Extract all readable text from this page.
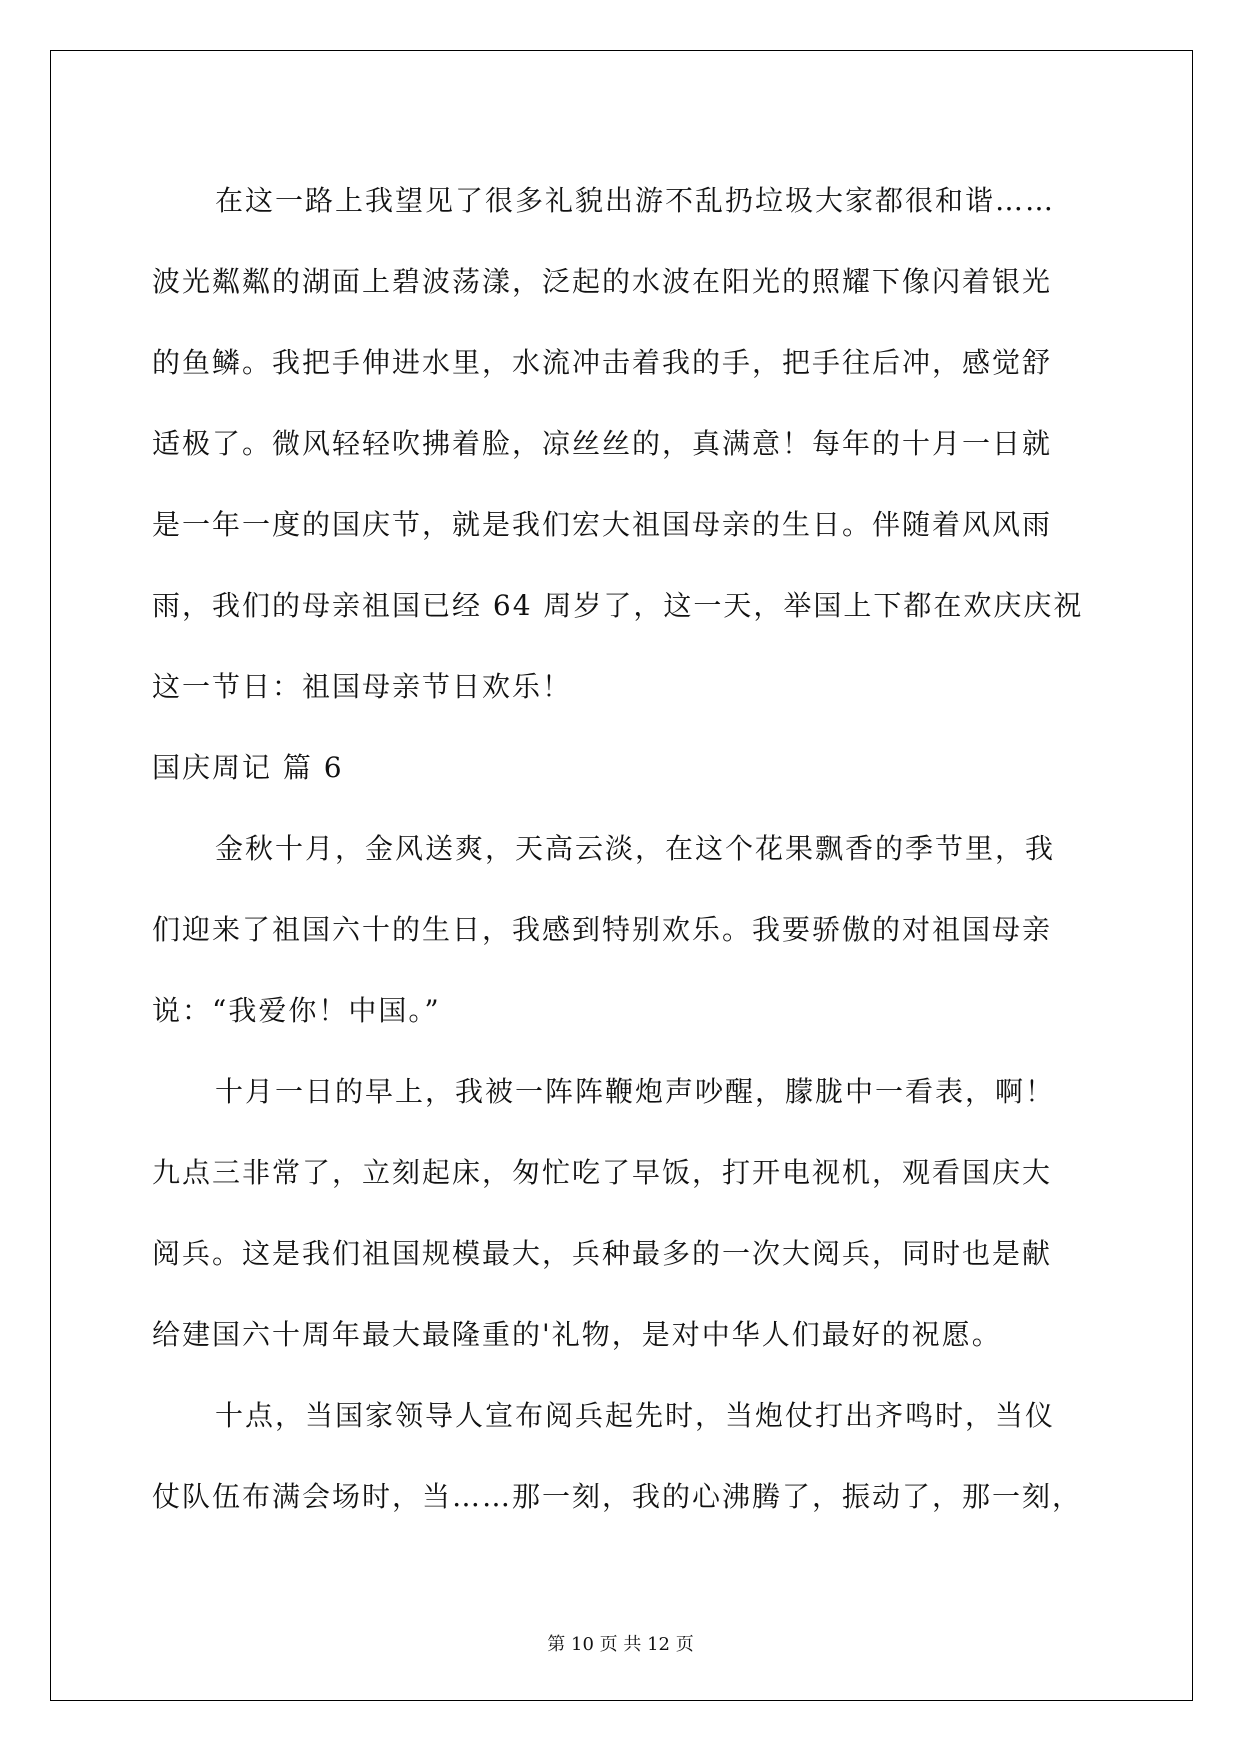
在这一路上我望见了很多礼貌出游不乱扔垃圾大家都很和谐……

波光粼粼的湖面上碧波荡漾，泛起的水波在阳光的照耀下像闪着银光

的鱼鳞。我把手伸进水里，水流冲击着我的手，把手往后冲，感觉舒

适极了。微风轻轻吹拂着脸，凉丝丝的，真满意！每年的十月一日就

是一年一度的国庆节，就是我们宏大祖国母亲的生日。伴随着风风雨

雨，我们的母亲祖国已经 64 周岁了，这一天，举国上下都在欢庆庆祝

这一节日：祖国母亲节日欢乐！

国庆周记 篇 6

金秋十月，金风送爽，天高云淡，在这个花果飘香的季节里，我

们迎来了祖国六十的生日，我感到特别欢乐。我要骄傲的对祖国母亲

说：“我爱你！中国。”

十月一日的早上，我被一阵阵鞭炮声吵醒，朦胧中一看表，啊！

九点三非常了，立刻起床，匆忙吃了早饭，打开电视机，观看国庆大

阅兵。这是我们祖国规模最大，兵种最多的一次大阅兵，同时也是献

给建国六十周年最大最隆重的'礼物，是对中华人们最好的祝愿。

十点，当国家领导人宣布阅兵起先时，当炮仗打出齐鸣时，当仪

仗队伍布满会场时，当……那一刻，我的心沸腾了，振动了，那一刻，

第 10 页 共 12 页
